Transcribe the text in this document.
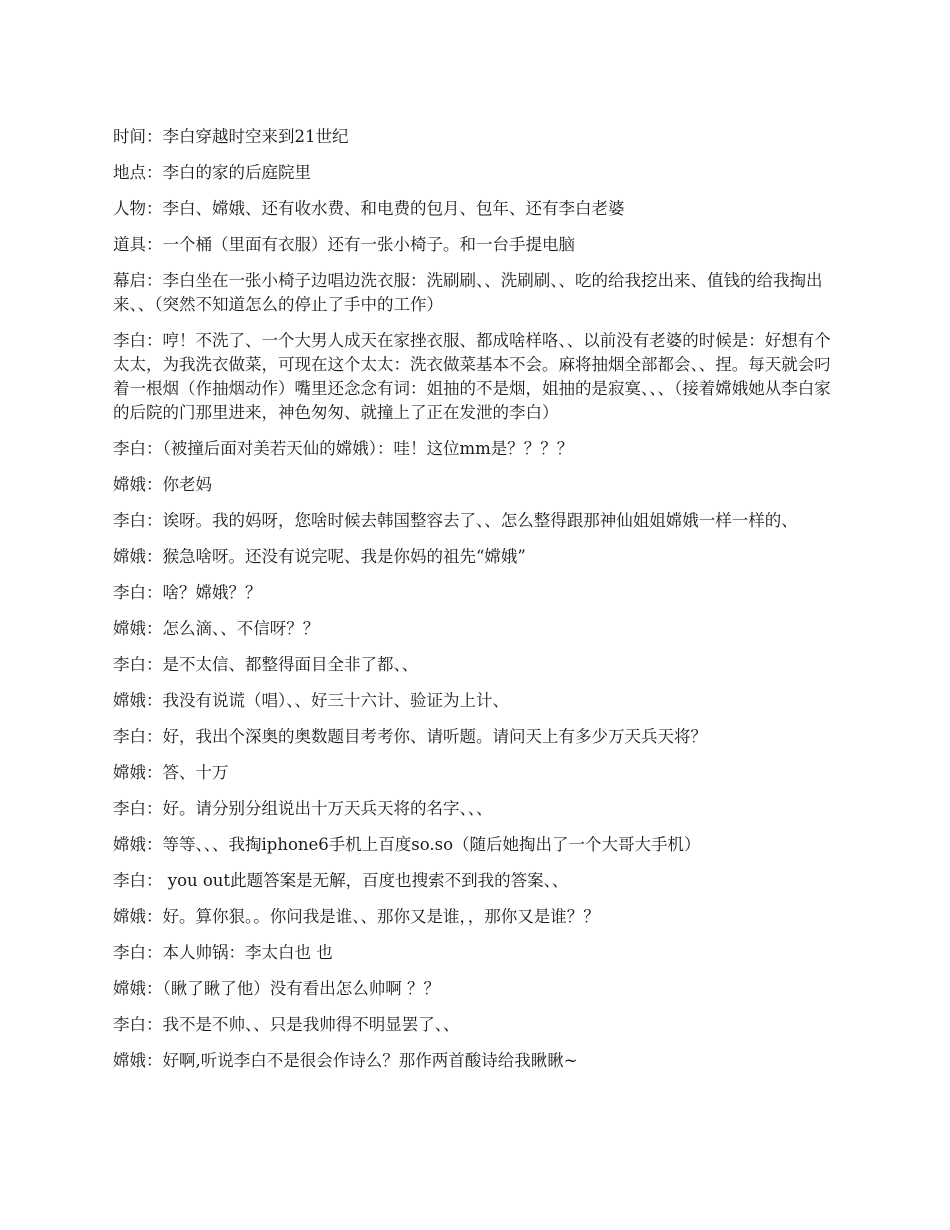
时间：李白穿越时空来到21世纪

地点：李白的家的后庭院里

人物：李白、嫦娥、还有收水费、和电费的包月、包年、还有李白老婆

道具：一个桶（里面有衣服）还有一张小椅子。和一台手提电脑

幕启：李白坐在一张小椅子边唱边洗衣服：洗刷刷、、洗刷刷、、吃的给我挖出来、值钱的给我掏出来、、（突然不知道怎么的停止了手中的工作）

李白：哼！不洗了、一个大男人成天在家挫衣服、都成啥样咯、、以前没有老婆的时候是：好想有个太太，为我洗衣做菜，可现在这个太太：洗衣做菜基本不会。麻将抽烟全部都会、、捏。每天就会叼着一根烟（作抽烟动作）嘴里还念念有词：姐抽的不是烟，姐抽的是寂寞、、、（接着嫦娥她从李白家的后院的门那里进来，神色匆匆、就撞上了正在发泄的李白）

李白：（被撞后面对美若天仙的嫦娥）：哇！这位mm是？？？？

嫦娥：你老妈

李白：诶呀。我的妈呀，您啥时候去韩国整容去了、、怎么整得跟那神仙姐姐嫦娥一样一样的、

嫦娥：猴急啥呀。还没有说完呢、我是你妈的祖先“嫦娥”

李白：啥？嫦娥？？

嫦娥：怎么滴、、不信呀？？

李白：是不太信、都整得面目全非了都、、

嫦娥：我没有说谎（唱）、、好三十六计、验证为上计、

李白：好，我出个深奥的奥数题目考考你、请听题。请问天上有多少万天兵天将？

嫦娥：答、十万

李白：好。请分别分组说出十万天兵天将的名字、、、

嫦娥：等等、、、我掏iphone6手机上百度so.so（随后她掏出了一个大哥大手机）

李白： you out此题答案是无解，百度也搜索不到我的答案、、

嫦娥：好。算你狠。。你问我是谁、、那你又是谁，，那你又是谁？？

李白：本人帅锅：李太白也 也

嫦娥：（瞅了瞅了他）没有看出怎么帅啊 ？？

李白：我不是不帅、、只是我帅得不明显罢了、、

嫦娥：好啊,听说李白不是很会作诗么？那作两首酸诗给我瞅瞅~
